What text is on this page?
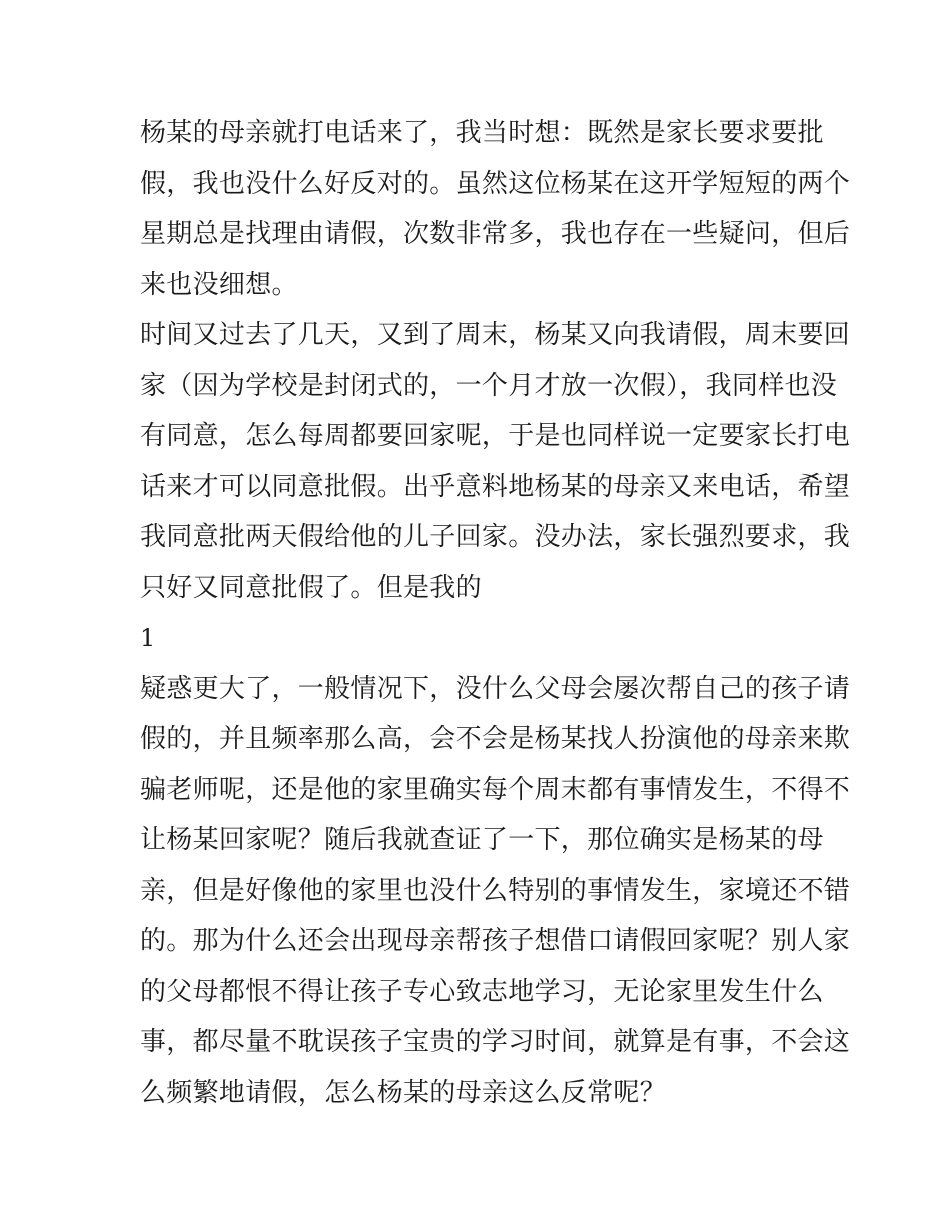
杨某的母亲就打电话来了，我当时想：既然是家长要求要批
假，我也没什么好反对的。虽然这位杨某在这开学短短的两个
星期总是找理由请假，次数非常多，我也存在一些疑问，但后
来也没细想。
时间又过去了几天，又到了周末，杨某又向我请假，周末要回
家（因为学校是封闭式的，一个月才放一次假），我同样也没
有同意，怎么每周都要回家呢，于是也同样说一定要家长打电
话来才可以同意批假。出乎意料地杨某的母亲又来电话，希望
我同意批两天假给他的儿子回家。没办法，家长强烈要求，我
只好又同意批假了。但是我的
1
疑惑更大了，一般情况下，没什么父母会屡次帮自己的孩子请
假的，并且频率那么高，会不会是杨某找人扮演他的母亲来欺
骗老师呢，还是他的家里确实每个周末都有事情发生，不得不
让杨某回家呢？随后我就查证了一下，那位确实是杨某的母
亲，但是好像他的家里也没什么特别的事情发生，家境还不错
的。那为什么还会出现母亲帮孩子想借口请假回家呢？别人家
的父母都恨不得让孩子专心致志地学习，无论家里发生什么
事，都尽量不耽误孩子宝贵的学习时间，就算是有事，不会这
么频繁地请假，怎么杨某的母亲这么反常呢？
